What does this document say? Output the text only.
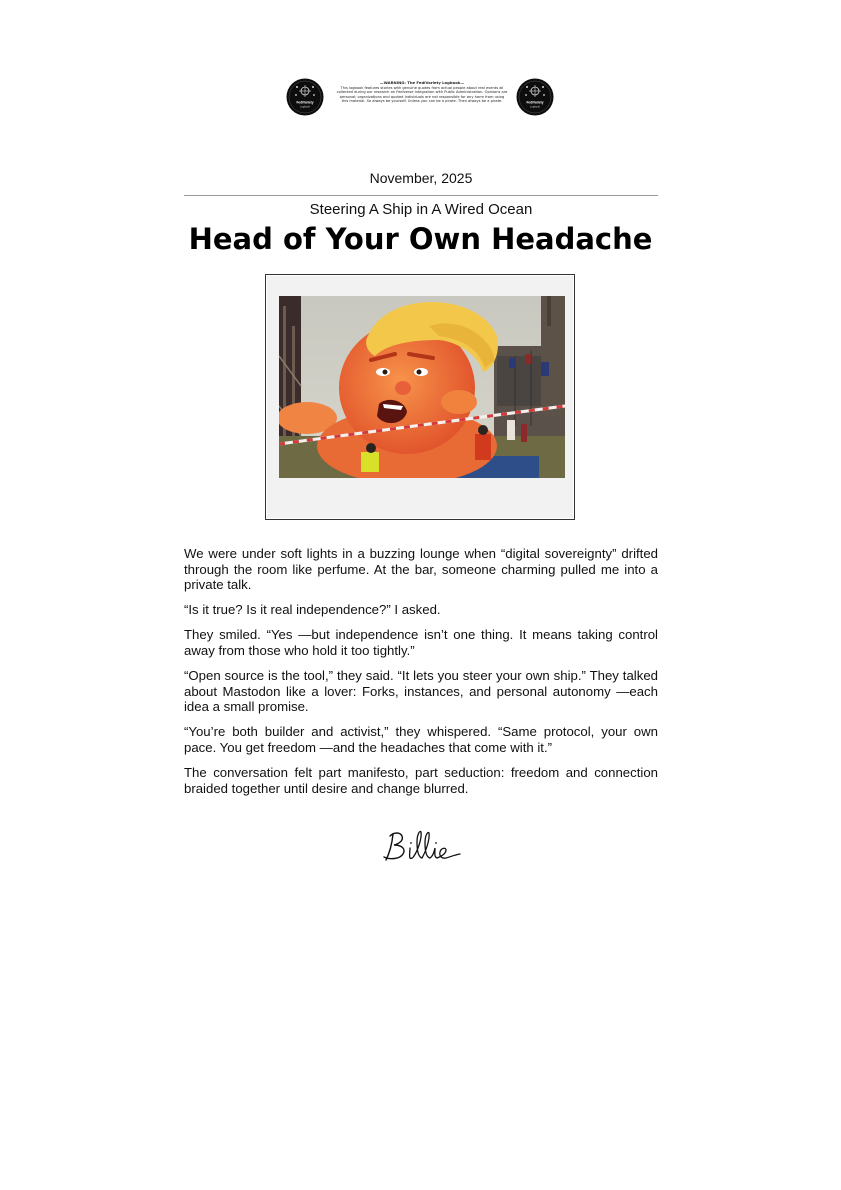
FediVariety
Logbook
—WARNING: The FediVariety Logbook—
This logbook features stories with genuine quotes from actual people about real events all collected during our research on Fediverse integration with Public Administration. Opinions are personal; organizations and quoted individuals are not responsible for any harm from using this material. So always be yourself. Unless you can be a pirate. Then always be a pirate.	FediVariety
Logbook
November, 2025
Steering A Ship in A Wired Ocean
Head of Your Own Headache

We were under soft lights in a buzzing lounge when “digital sovereignty” drifted through the room like perfume. At the bar, someone charming pulled me into a private talk.

“Is it true? Is it real independence?” I asked.

They smiled. “Yes —but independence isn’t one thing. It means taking control away from those who hold it too tightly.”

“Open source is the tool,” they said. “It lets you steer your own ship.” They talked about Mastodon like a lover: Forks, instances, and personal autonomy —each idea a small promise.

“You’re both builder and activist,” they whispered. “Same protocol, your own pace. You get freedom —and the headaches that come with it.”

The conversation felt part manifesto, part seduction: freedom and connection braided together until desire and change blurred.
